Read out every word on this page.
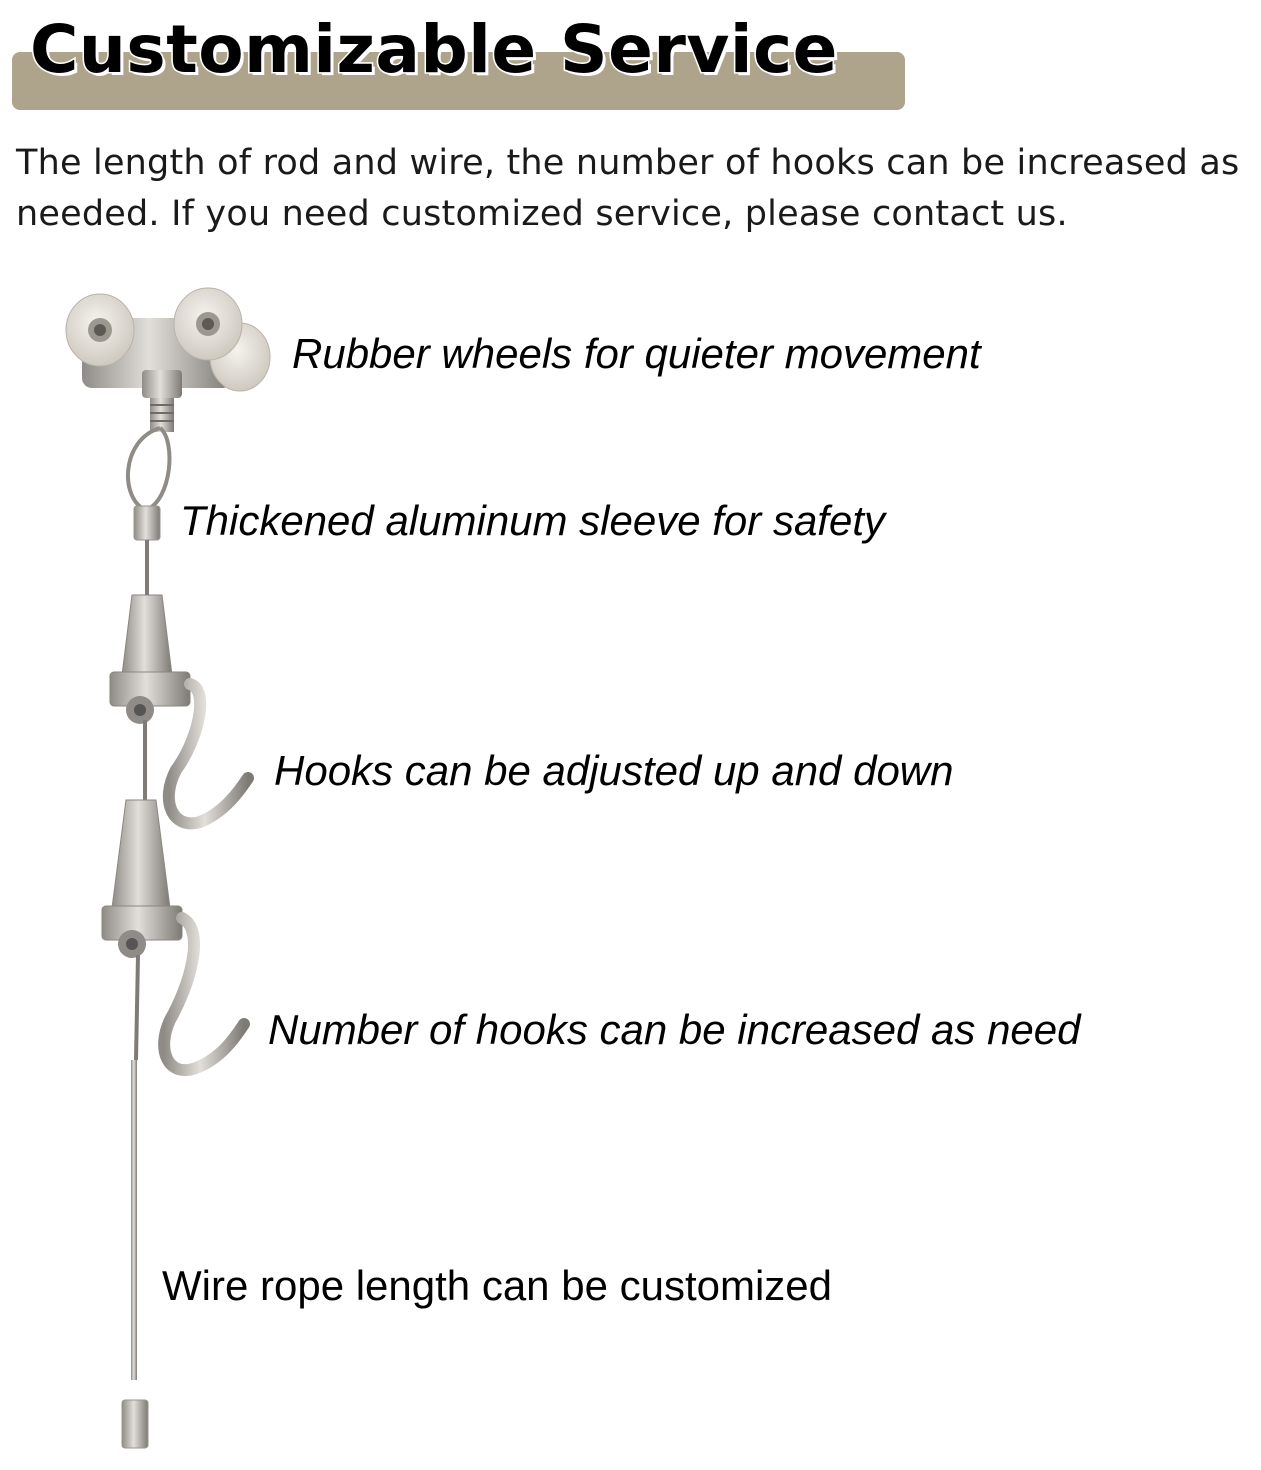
Customizable Service

The length of rod and wire, the number of hooks can be increased as needed. If you need customized service, please contact us.

Rubber wheels for quieter movement

Thickened aluminum sleeve for safety

Hooks can be adjusted up and down

Number of hooks can be increased as need

Wire rope length can be customized
